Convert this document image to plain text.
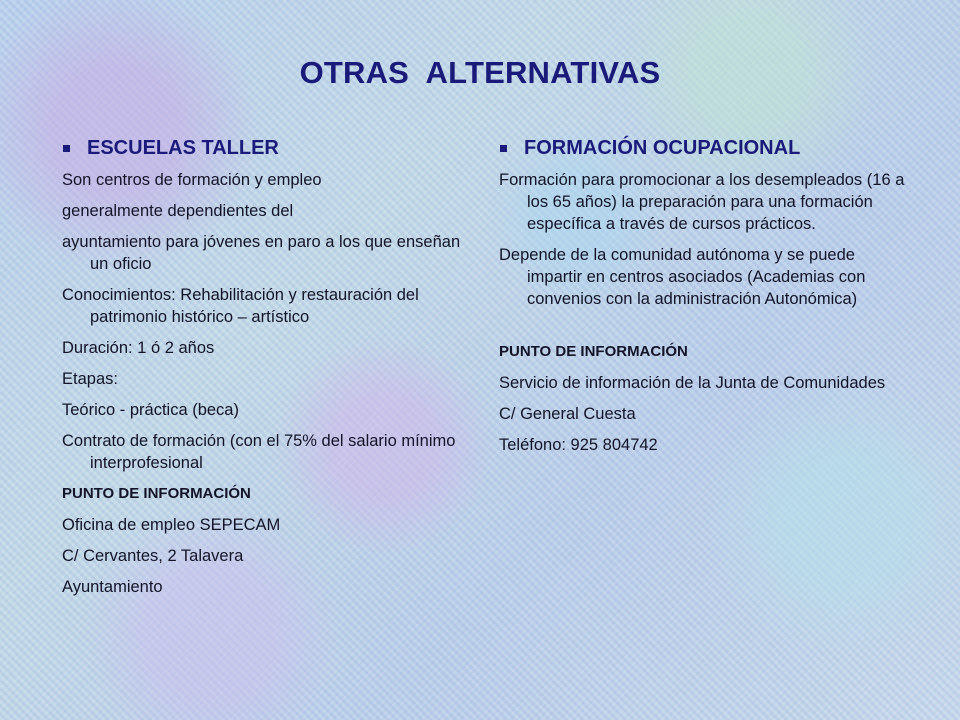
OTRAS  ALTERNATIVAS
ESCUELAS TALLER

Son centros de formación y empleo

generalmente dependientes del

ayuntamiento para jóvenes en paro a los que enseñan un oficio

Conocimientos: Rehabilitación y restauración del patrimonio histórico – artístico

Duración: 1 ó 2 años

Etapas:

Teórico - práctica (beca)

Contrato de formación (con el 75% del salario mínimo interprofesional

PUNTO DE INFORMACIÓN

Oficina de empleo SEPECAM

C/ Cervantes, 2 Talavera

Ayuntamiento

FORMACIÓN OCUPACIONAL

Formación para promocionar a los desempleados (16 a los 65 años) la preparación para una formación específica a través de cursos prácticos.

Depende de la comunidad autónoma y se puede impartir en centros asociados (Academias con convenios con la administración Autonómica)

PUNTO DE INFORMACIÓN

Servicio de información de la Junta de Comunidades

C/ General Cuesta

Teléfono: 925 804742
